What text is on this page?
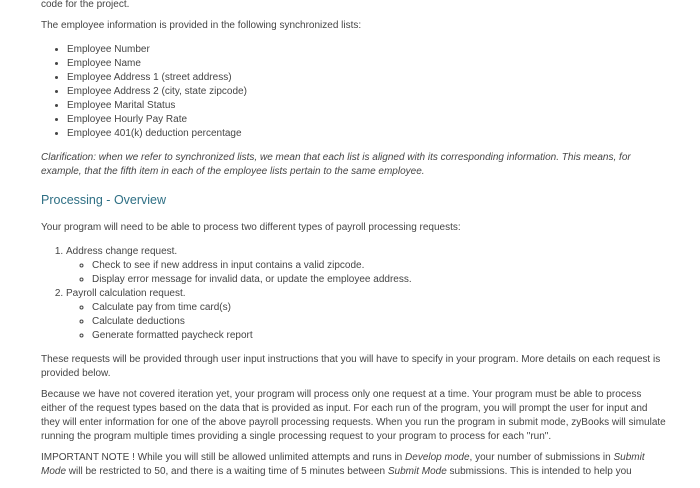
code for the project.

The employee information is provided in the following synchronized lists:

• Employee Number
• Employee Name
• Employee Address 1 (street address)
• Employee Address 2 (city, state zipcode)
• Employee Marital Status
• Employee Hourly Pay Rate
• Employee 401(k) deduction percentage

Clarification: when we refer to synchronized lists, we mean that each list is aligned with its corresponding information. This means, for example, that the fifth item in each of the employee lists pertain to the same employee.

Processing - Overview

Your program will need to be able to process two different types of payroll processing requests:

1. Address change request.
◦ Check to see if new address in input contains a valid zipcode.
◦ Display error message for invalid data, or update the employee address.
2. Payroll calculation request.
◦ Calculate pay from time card(s)
◦ Calculate deductions
◦ Generate formatted paycheck report

These requests will be provided through user input instructions that you will have to specify in your program. More details on each request is provided below.

Because we have not covered iteration yet, your program will process only one request at a time. Your program must be able to process either of the request types based on the data that is provided as input. For each run of the program, you will prompt the user for input and they will enter information for one of the above payroll processing requests. When you run the program in submit mode, zyBooks will simulate running the program multiple times providing a single processing request to your program to process for each "run".

IMPORTANT NOTE ! While you will still be allowed unlimited attempts and runs in Develop mode, your number of submissions in Submit Mode will be restricted to 50, and there is a waiting time of 5 minutes between Submit Mode submissions. This is intended to help you
